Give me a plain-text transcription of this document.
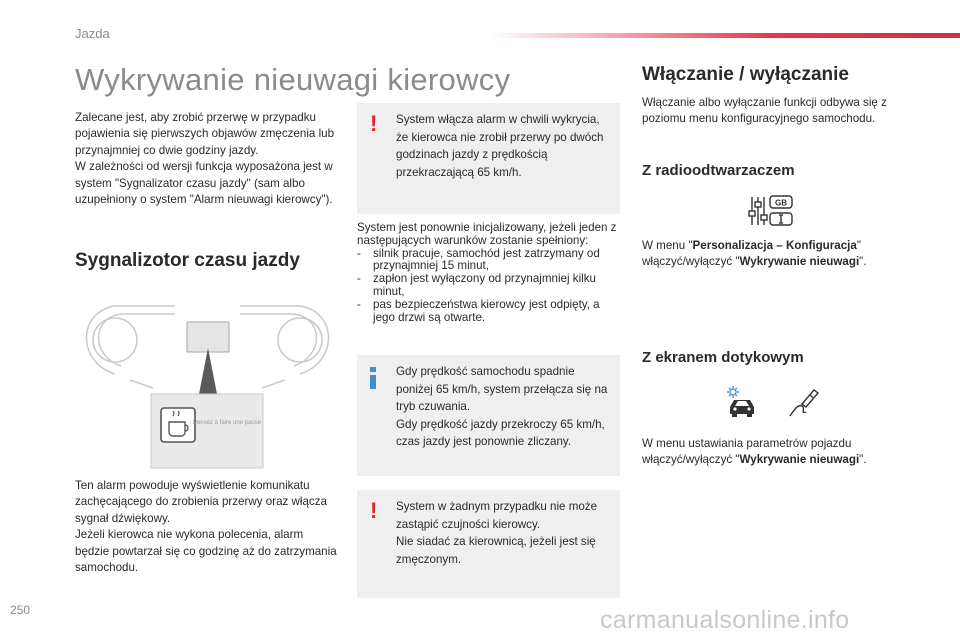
Jazda
Wykrywanie nieuwagi kierowcy

Zalecane jest, aby zrobić przerwę w przypadku pojawienia się pierwszych objawów zmęczenia lub przynajmniej co dwie godziny jazdy.

W zależności od wersji funkcja wyposażona jest w system "Sygnalizator czasu jazdy" (sam albo uzupełniony o system "Alarm nieuwagi kierowcy").

Sygnalizotor czasu jazdy
Pensez à faire une pause

Ten alarm powoduje wyświetlenie komunikatu zachęcającego do zrobienia przerwy oraz włącza sygnał dźwiękowy.

Jeżeli kierowca nie wykona polecenia, alarm będzie powtarzał się co godzinę aż do zatrzymania samochodu.

! System włącza alarm w chwili wykrycia, że kierowca nie zrobił przerwy po dwóch godzinach jazdy z prędkością przekraczającą 65 km/h.

System jest ponownie inicjalizowany, jeżeli jeden z następujących warunków zostanie spełniony:
-	silnik pracuje, samochód jest zatrzymany od przynajmniej 15 minut,
-	zapłon jest wyłączony od przynajmniej kilku minut,
-	pas bezpieczeństwa kierowcy jest odpięty, a jego drzwi są otwarte.

Gdy prędkość samochodu spadnie poniżej 65 km/h, system przełącza się na tryb czuwania.

Gdy prędkość jazdy przekroczy 65 km/h, czas jazdy jest ponownie zliczany.

! System w żadnym przypadku nie może zastąpić czujności kierowcy.

Nie siadać za kierownicą, jeżeli jest się zmęczonym.

Włączanie / wyłączanie
Włączanie albo wyłączanie funkcji odbywa się z poziomu menu konfiguracyjnego samochodu.
Z radioodtwarzaczem
GB
W menu "Personalizacja – Konfiguracja" włączyć/wyłączyć "Wykrywanie nieuwagi".
Z ekranem dotykowym
W menu ustawiania parametrów pojazdu włączyć/wyłączyć "Wykrywanie nieuwagi".
250	carmanualsonline.info
